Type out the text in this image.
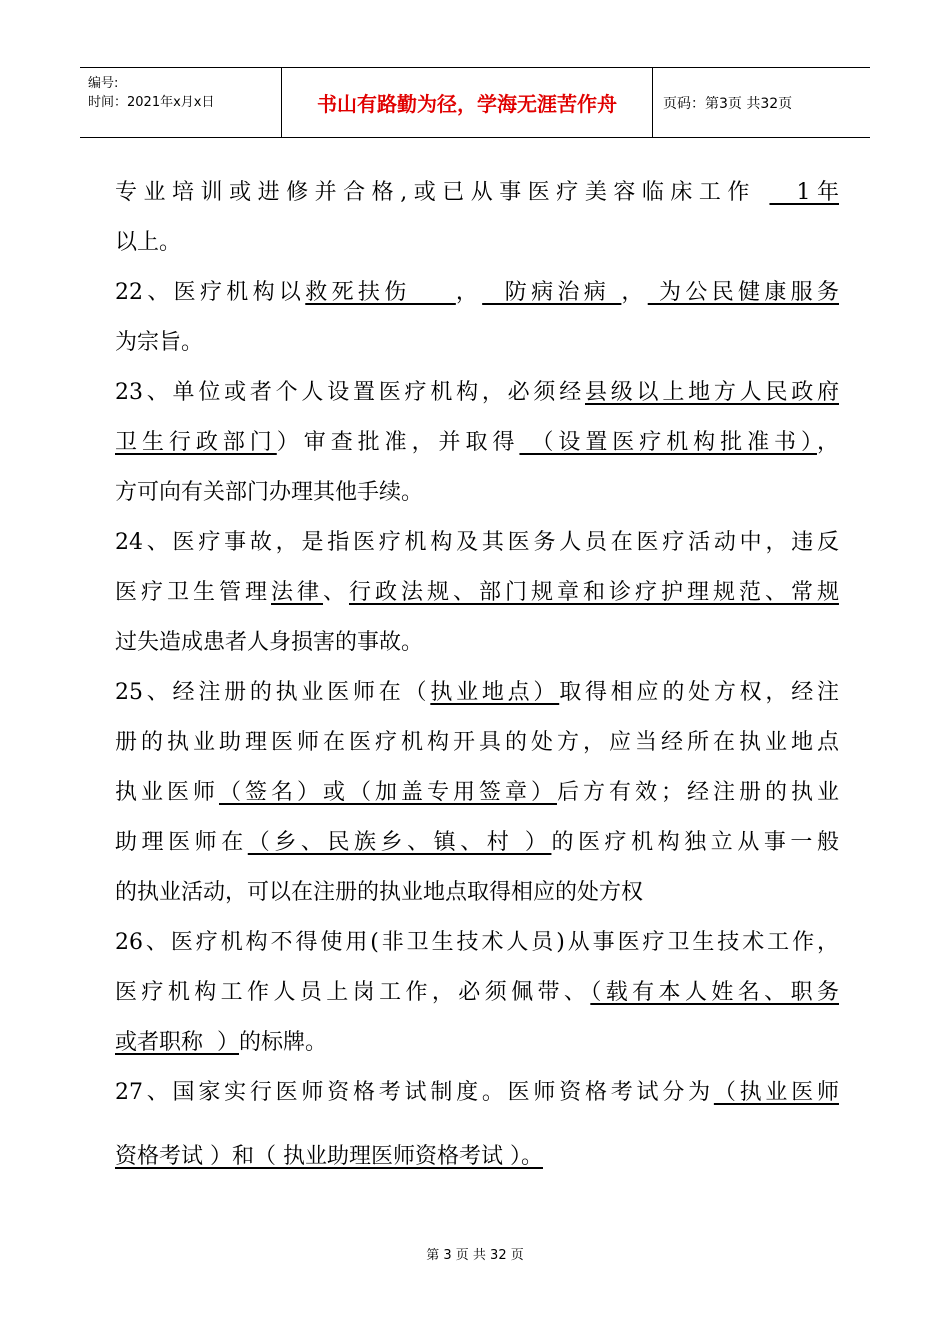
编号:
时间：2021年x月x日	书山有路勤为径，学海无涯苦作舟	页码：第3页 共32页
专业培训或进修并合格,或已从事医疗美容临床工作   1年
以上。
22、医疗机构以救死扶伤    ，  防病治病 ， 为公民健康服务
为宗旨。
23、单位或者个人设置医疗机构，必须经县级以上地方人民政府
卫生行政部门）审查批准，并取得 （设置医疗机构批准书），
方可向有关部门办理其他手续。
24、医疗事故，是指医疗机构及其医务人员在医疗活动中，违反
医疗卫生管理法律、行政法规、部门规章和诊疗护理规范、常规
过失造成患者人身损害的事故。
25、经注册的执业医师在（执业地点）取得相应的处方权，经注
册的执业助理医师在医疗机构开具的处方，应当经所在执业地点
执业医师（签名）或（加盖专用签章）后方有效；经注册的执业
助理医师在（乡、民族乡、镇、村 ）的医疗机构独立从事一般
的执业活动，可以在注册的执业地点取得相应的处方权
26、医疗机构不得使用(非卫生技术人员)从事医疗卫生技术工作，
医疗机构工作人员上岗工作，必须佩带、（载有本人姓名、职务
或者职称  ）的标牌。
27、国家实行医师资格考试制度。医师资格考试分为（执业医师
资格考试 ）和（ 执业助理医师资格考试 ）。
第 3 页 共 32 页
